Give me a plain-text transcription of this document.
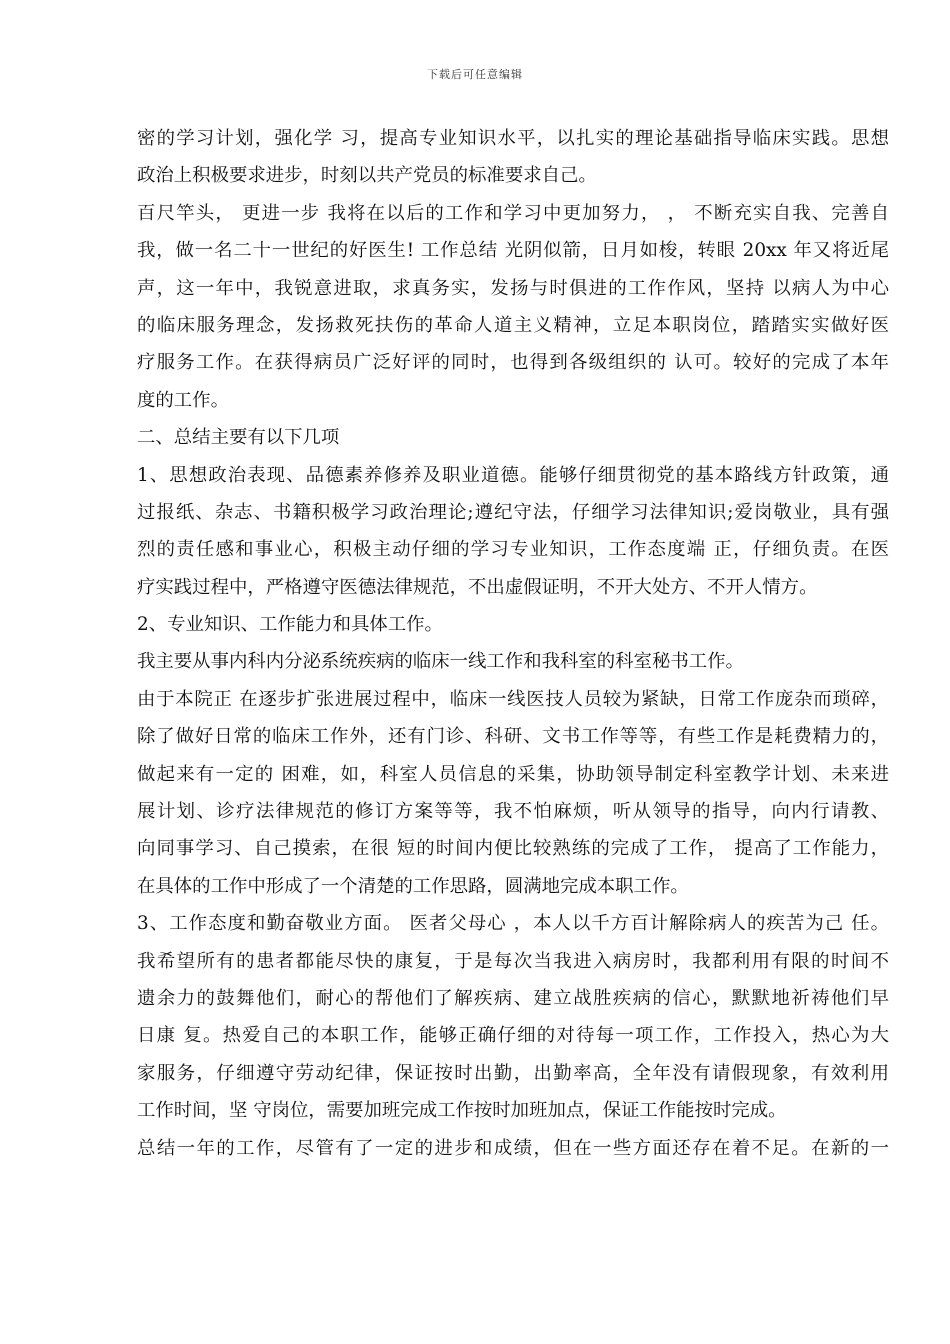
下载后可任意编辑
密的学习计划，强化学 习，提高专业知识水平，以扎实的理论基础指导临床实践。思想
政治上积极要求进步，时刻以共产党员的标准要求自己。
百尺竿头， 更进一步 我将在以后的工作和学习中更加努力， ， 不断充实自我、完善自
我，做一名二十一世纪的好医生! 工作总结 光阴似箭，日月如梭，转眼 20xx 年又将近尾
声，这一年中，我锐意进取，求真务实，发扬与时俱进的工作作风，坚持 以病人为中心
的临床服务理念，发扬救死扶伤的革命人道主义精神，立足本职岗位，踏踏实实做好医
疗服务工作。在获得病员广泛好评的同时，也得到各级组织的 认可。较好的完成了本年
度的工作。
二、总结主要有以下几项
1、思想政治表现、品德素养修养及职业道德。能够仔细贯彻党的基本路线方针政策，通
过报纸、杂志、书籍积极学习政治理论;遵纪守法，仔细学习法律知识;爱岗敬业，具有强
烈的责任感和事业心，积极主动仔细的学习专业知识，工作态度端 正，仔细负责。在医
疗实践过程中，严格遵守医德法律规范，不出虚假证明，不开大处方、不开人情方。
2、专业知识、工作能力和具体工作。
我主要从事内科内分泌系统疾病的临床一线工作和我科室的科室秘书工作。
由于本院正 在逐步扩张进展过程中，临床一线医技人员较为紧缺，日常工作庞杂而琐碎，
除了做好日常的临床工作外，还有门诊、科研、文书工作等等，有些工作是耗费精力的，
做起来有一定的 困难，如，科室人员信息的采集，协助领导制定科室教学计划、未来进
展计划、诊疗法律规范的修订方案等等，我不怕麻烦，听从领导的指导，向内行请教、
向同事学习、自己摸索，在很 短的时间内便比较熟练的完成了工作， 提高了工作能力，
在具体的工作中形成了一个清楚的工作思路，圆满地完成本职工作。
3、工作态度和勤奋敬业方面。 医者父母心 ，本人以千方百计解除病人的疾苦为己 任。
我希望所有的患者都能尽快的康复，于是每次当我进入病房时，我都利用有限的时间不
遗余力的鼓舞他们，耐心的帮他们了解疾病、建立战胜疾病的信心，默默地祈祷他们早
日康 复。热爱自己的本职工作，能够正确仔细的对待每一项工作，工作投入，热心为大
家服务，仔细遵守劳动纪律，保证按时出勤，出勤率高，全年没有请假现象，有效利用
工作时间，坚 守岗位，需要加班完成工作按时加班加点，保证工作能按时完成。
总结一年的工作，尽管有了一定的进步和成绩，但在一些方面还存在着不足。在新的一
